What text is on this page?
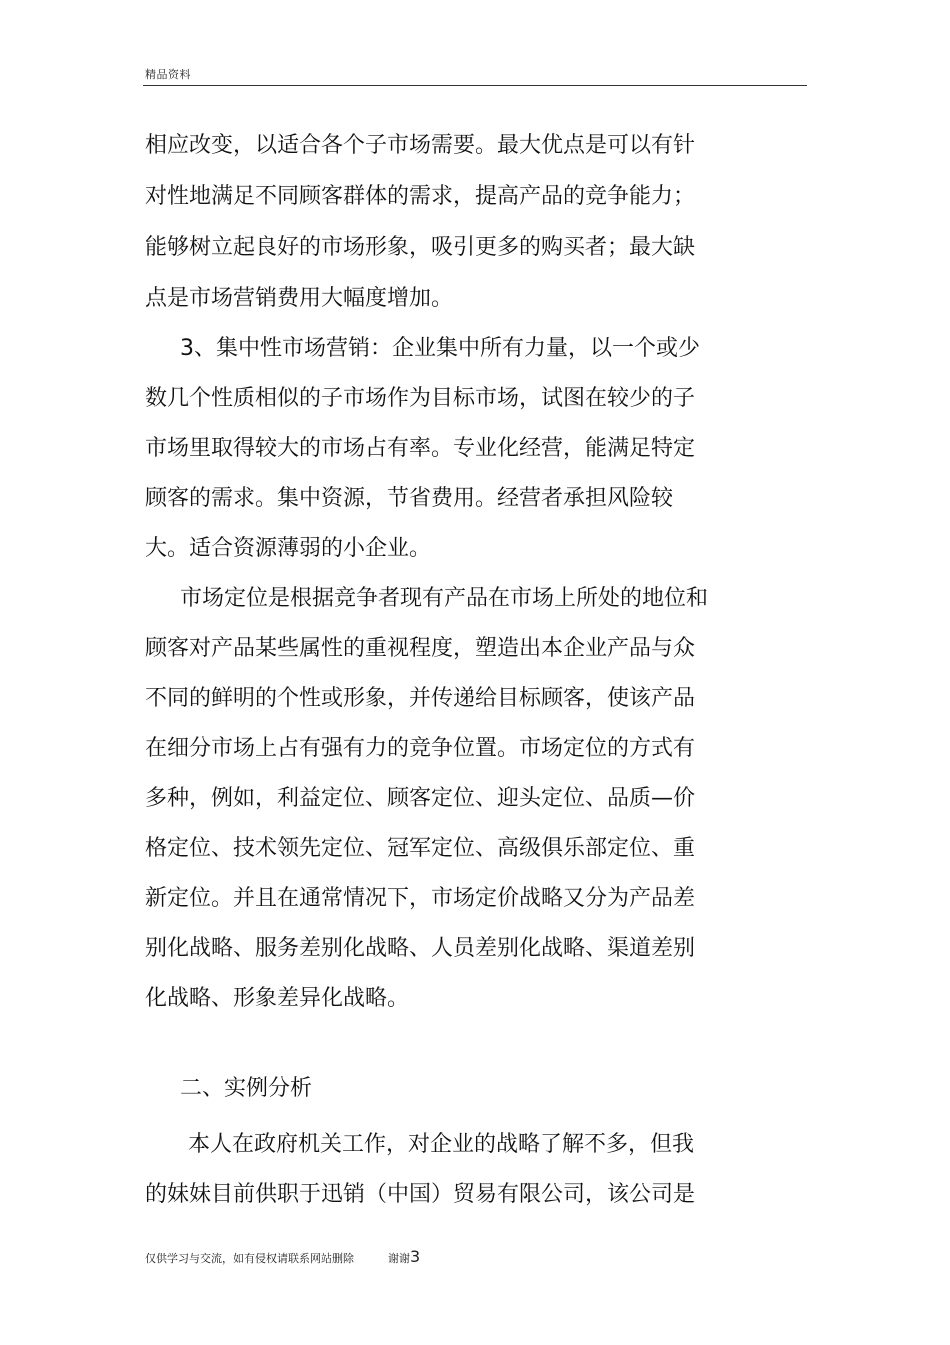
精品资料
相应改变，以适合各个子市场需要。最大优点是可以有针
对性地满足不同顾客群体的需求，提高产品的竞争能力；
能够树立起良好的市场形象，吸引更多的购买者；最大缺
点是市场营销费用大幅度增加。
3、集中性市场营销：企业集中所有力量，以一个或少
数几个性质相似的子市场作为目标市场，试图在较少的子
市场里取得较大的市场占有率。专业化经营，能满足特定
顾客的需求。集中资源，节省费用。经营者承担风险较
大。适合资源薄弱的小企业。
市场定位是根据竞争者现有产品在市场上所处的地位和
顾客对产品某些属性的重视程度，塑造出本企业产品与众
不同的鲜明的个性或形象，并传递给目标顾客，使该产品
在细分市场上占有强有力的竞争位置。市场定位的方式有
多种，例如，利益定位、顾客定位、迎头定位、品质—价
格定位、技术领先定位、冠军定位、高级俱乐部定位、重
新定位。并且在通常情况下，市场定价战略又分为产品差
别化战略、服务差别化战略、人员差别化战略、渠道差别
化战略、形象差异化战略。
二、实例分析
本人在政府机关工作，对企业的战略了解不多，但我
的妹妹目前供职于迅销（中国）贸易有限公司，该公司是
仅供学习与交流，如有侵权请联系网站删除	谢谢3
